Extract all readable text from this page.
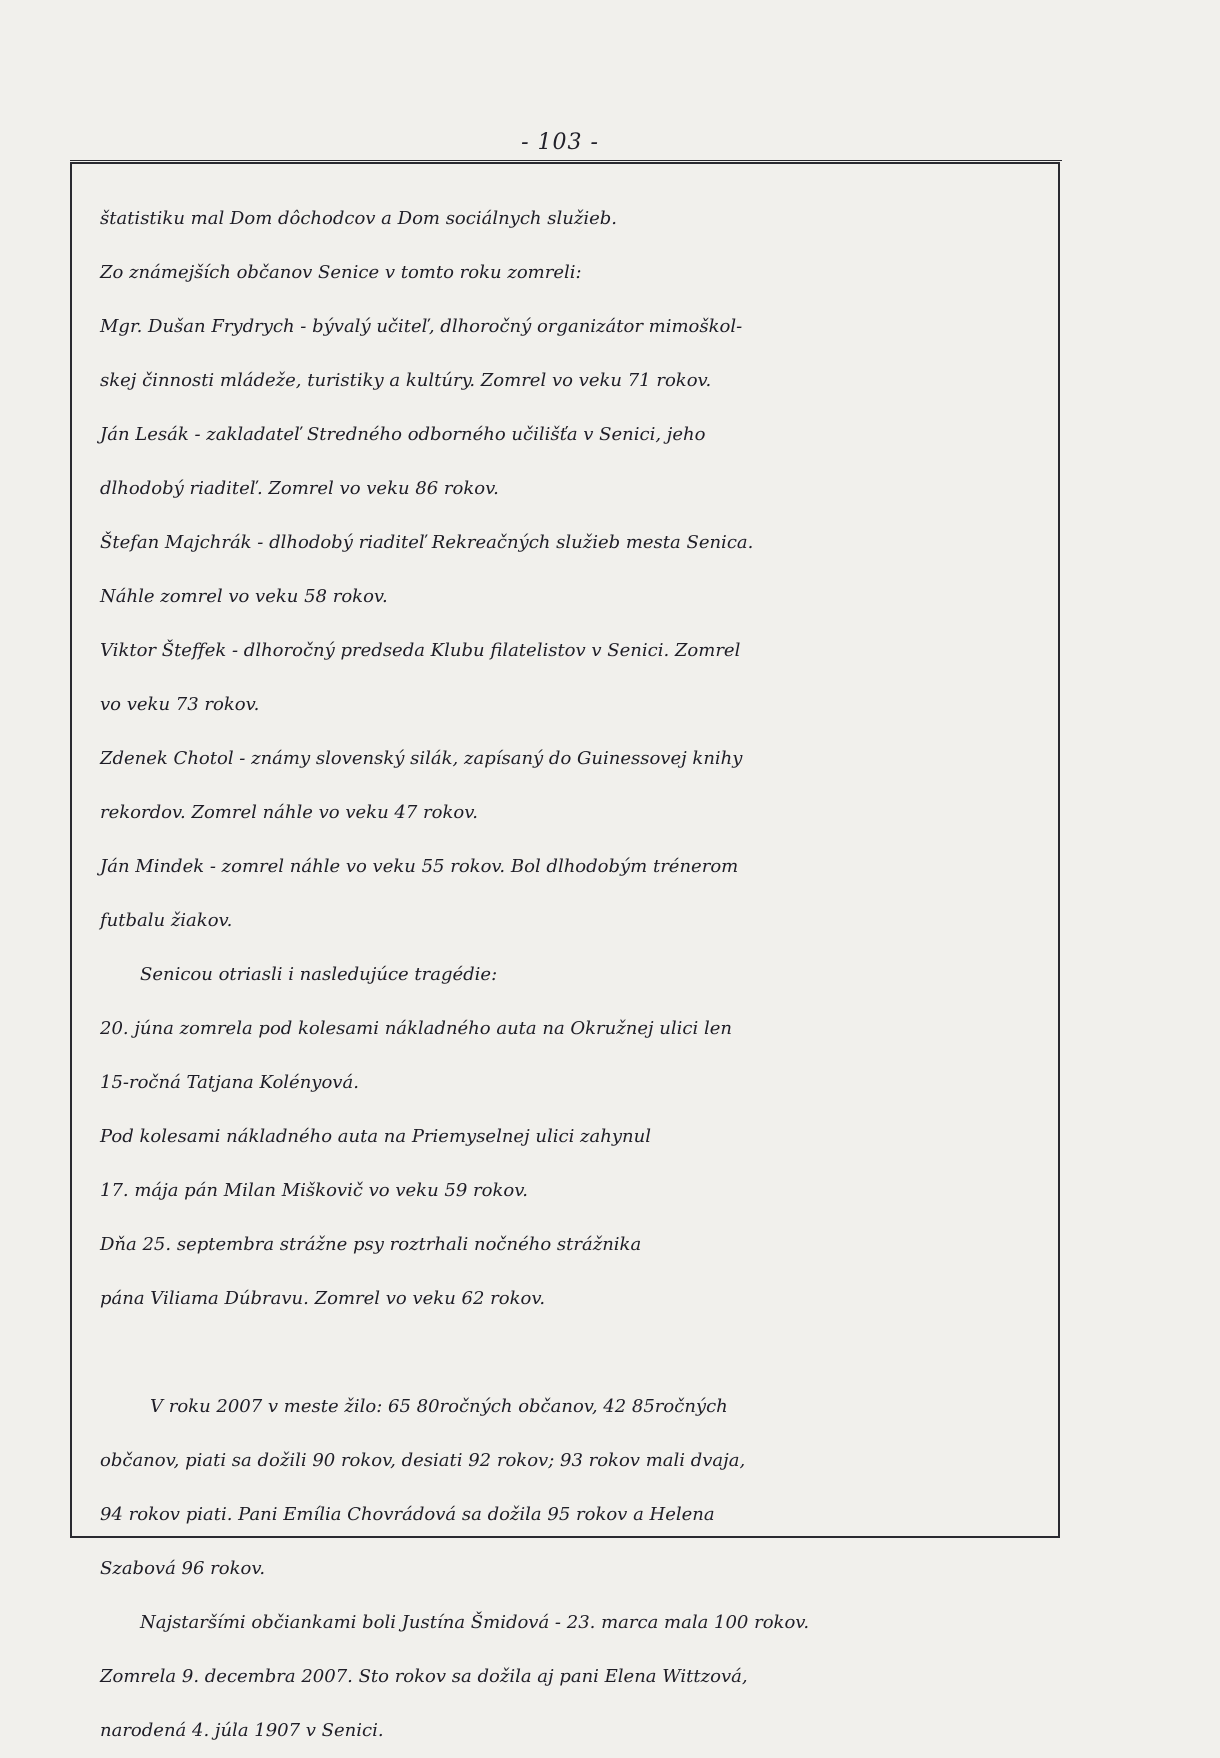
- 103 -
štatistiku mal Dom dôchodcov a Dom sociálnych služieb.
Zo známejších občanov Senice v tomto roku zomreli:
Mgr. Dušan Frydrych - bývalý učiteľ, dlhoročný organizátor mimoškol-
skej činnosti mládeže, turistiky a kultúry. Zomrel vo veku 71 rokov.
Ján Lesák - zakladateľ Stredného odborného učilišťa v Senici, jeho
dlhodobý riaditeľ. Zomrel vo veku 86 rokov.
Štefan Majchrák - dlhodobý riaditeľ Rekreačných služieb mesta Senica.
Náhle zomrel vo veku 58 rokov.
Viktor Šteffek - dlhoročný predseda Klubu filatelistov v Senici. Zomrel
vo veku 73 rokov.
Zdenek Chotol - známy slovenský silák, zapísaný do Guinessovej knihy
rekordov. Zomrel náhle vo veku 47 rokov.
Ján Mindek - zomrel náhle vo veku 55 rokov. Bol dlhodobým trénerom
futbalu žiakov.
Senicou otriasli i nasledujúce tragédie:
20. júna zomrela pod kolesami nákladného auta na Okružnej ulici len
15-ročná Tatjana Kolényová.
Pod kolesami nákladného auta na Priemyselnej ulici zahynul
17. mája pán Milan Miškovič vo veku 59 rokov.
Dňa 25. septembra strážne psy roztrhali nočného strážnika
pána Viliama Dúbravu. Zomrel vo veku 62 rokov.
V roku 2007 v meste žilo: 65 80ročných občanov, 42 85ročných
občanov, piati sa dožili 90 rokov, desiati 92 rokov; 93 rokov mali dvaja,
94 rokov piati. Pani Emília Chovrádová sa dožila 95 rokov a Helena
Szabová 96 rokov.
Najstaršími občiankami boli Justína Šmidová - 23. marca mala 100 rokov.
Zomrela 9. decembra 2007. Sto rokov sa dožila aj pani Elena Wittzová,
narodená 4. júla 1907 v Senici.
